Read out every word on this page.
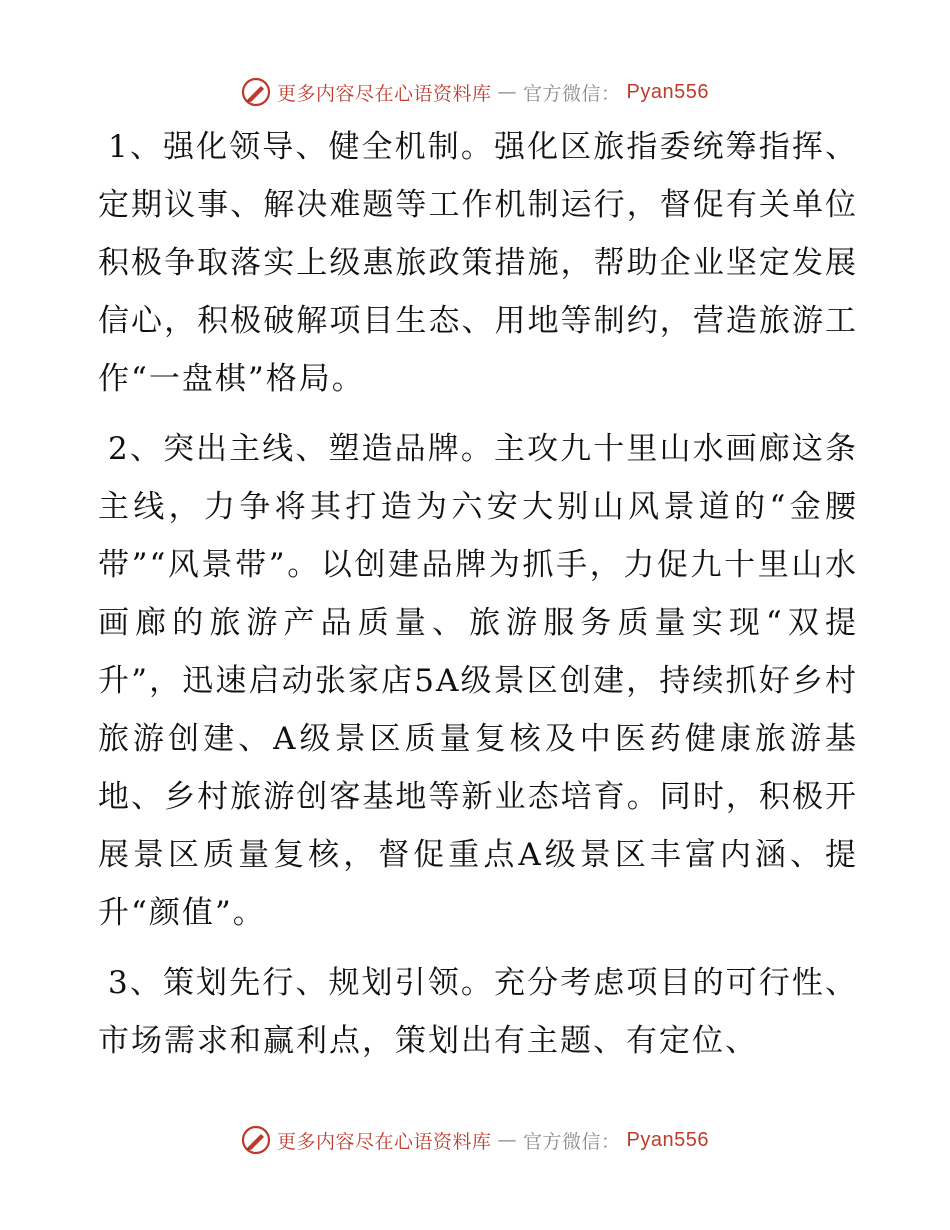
更多内容尽在心语资料库 — 官方微信： Pyan556

1、强化领导、健全机制。强化区旅指委统筹指挥、定期议事、解决难题等工作机制运行，督促有关单位积极争取落实上级惠旅政策措施，帮助企业坚定发展信心，积极破解项目生态、用地等制约，营造旅游工作“一盘棋”格局。

2、突出主线、塑造品牌。主攻九十里山水画廊这条主线，力争将其打造为六安大别山风景道的“金腰带”“风景带”。以创建品牌为抓手，力促九十里山水画廊的旅游产品质量、旅游服务质量实现“双提升”，迅速启动张家店5A级景区创建，持续抓好乡村旅游创建、A级景区质量复核及中医药健康旅游基地、乡村旅游创客基地等新业态培育。同时，积极开展景区质量复核，督促重点A级景区丰富内涵、提升“颜值”。

3、策划先行、规划引领。充分考虑项目的可行性、市场需求和赢利点，策划出有主题、有定位、

更多内容尽在心语资料库 — 官方微信： Pyan556
